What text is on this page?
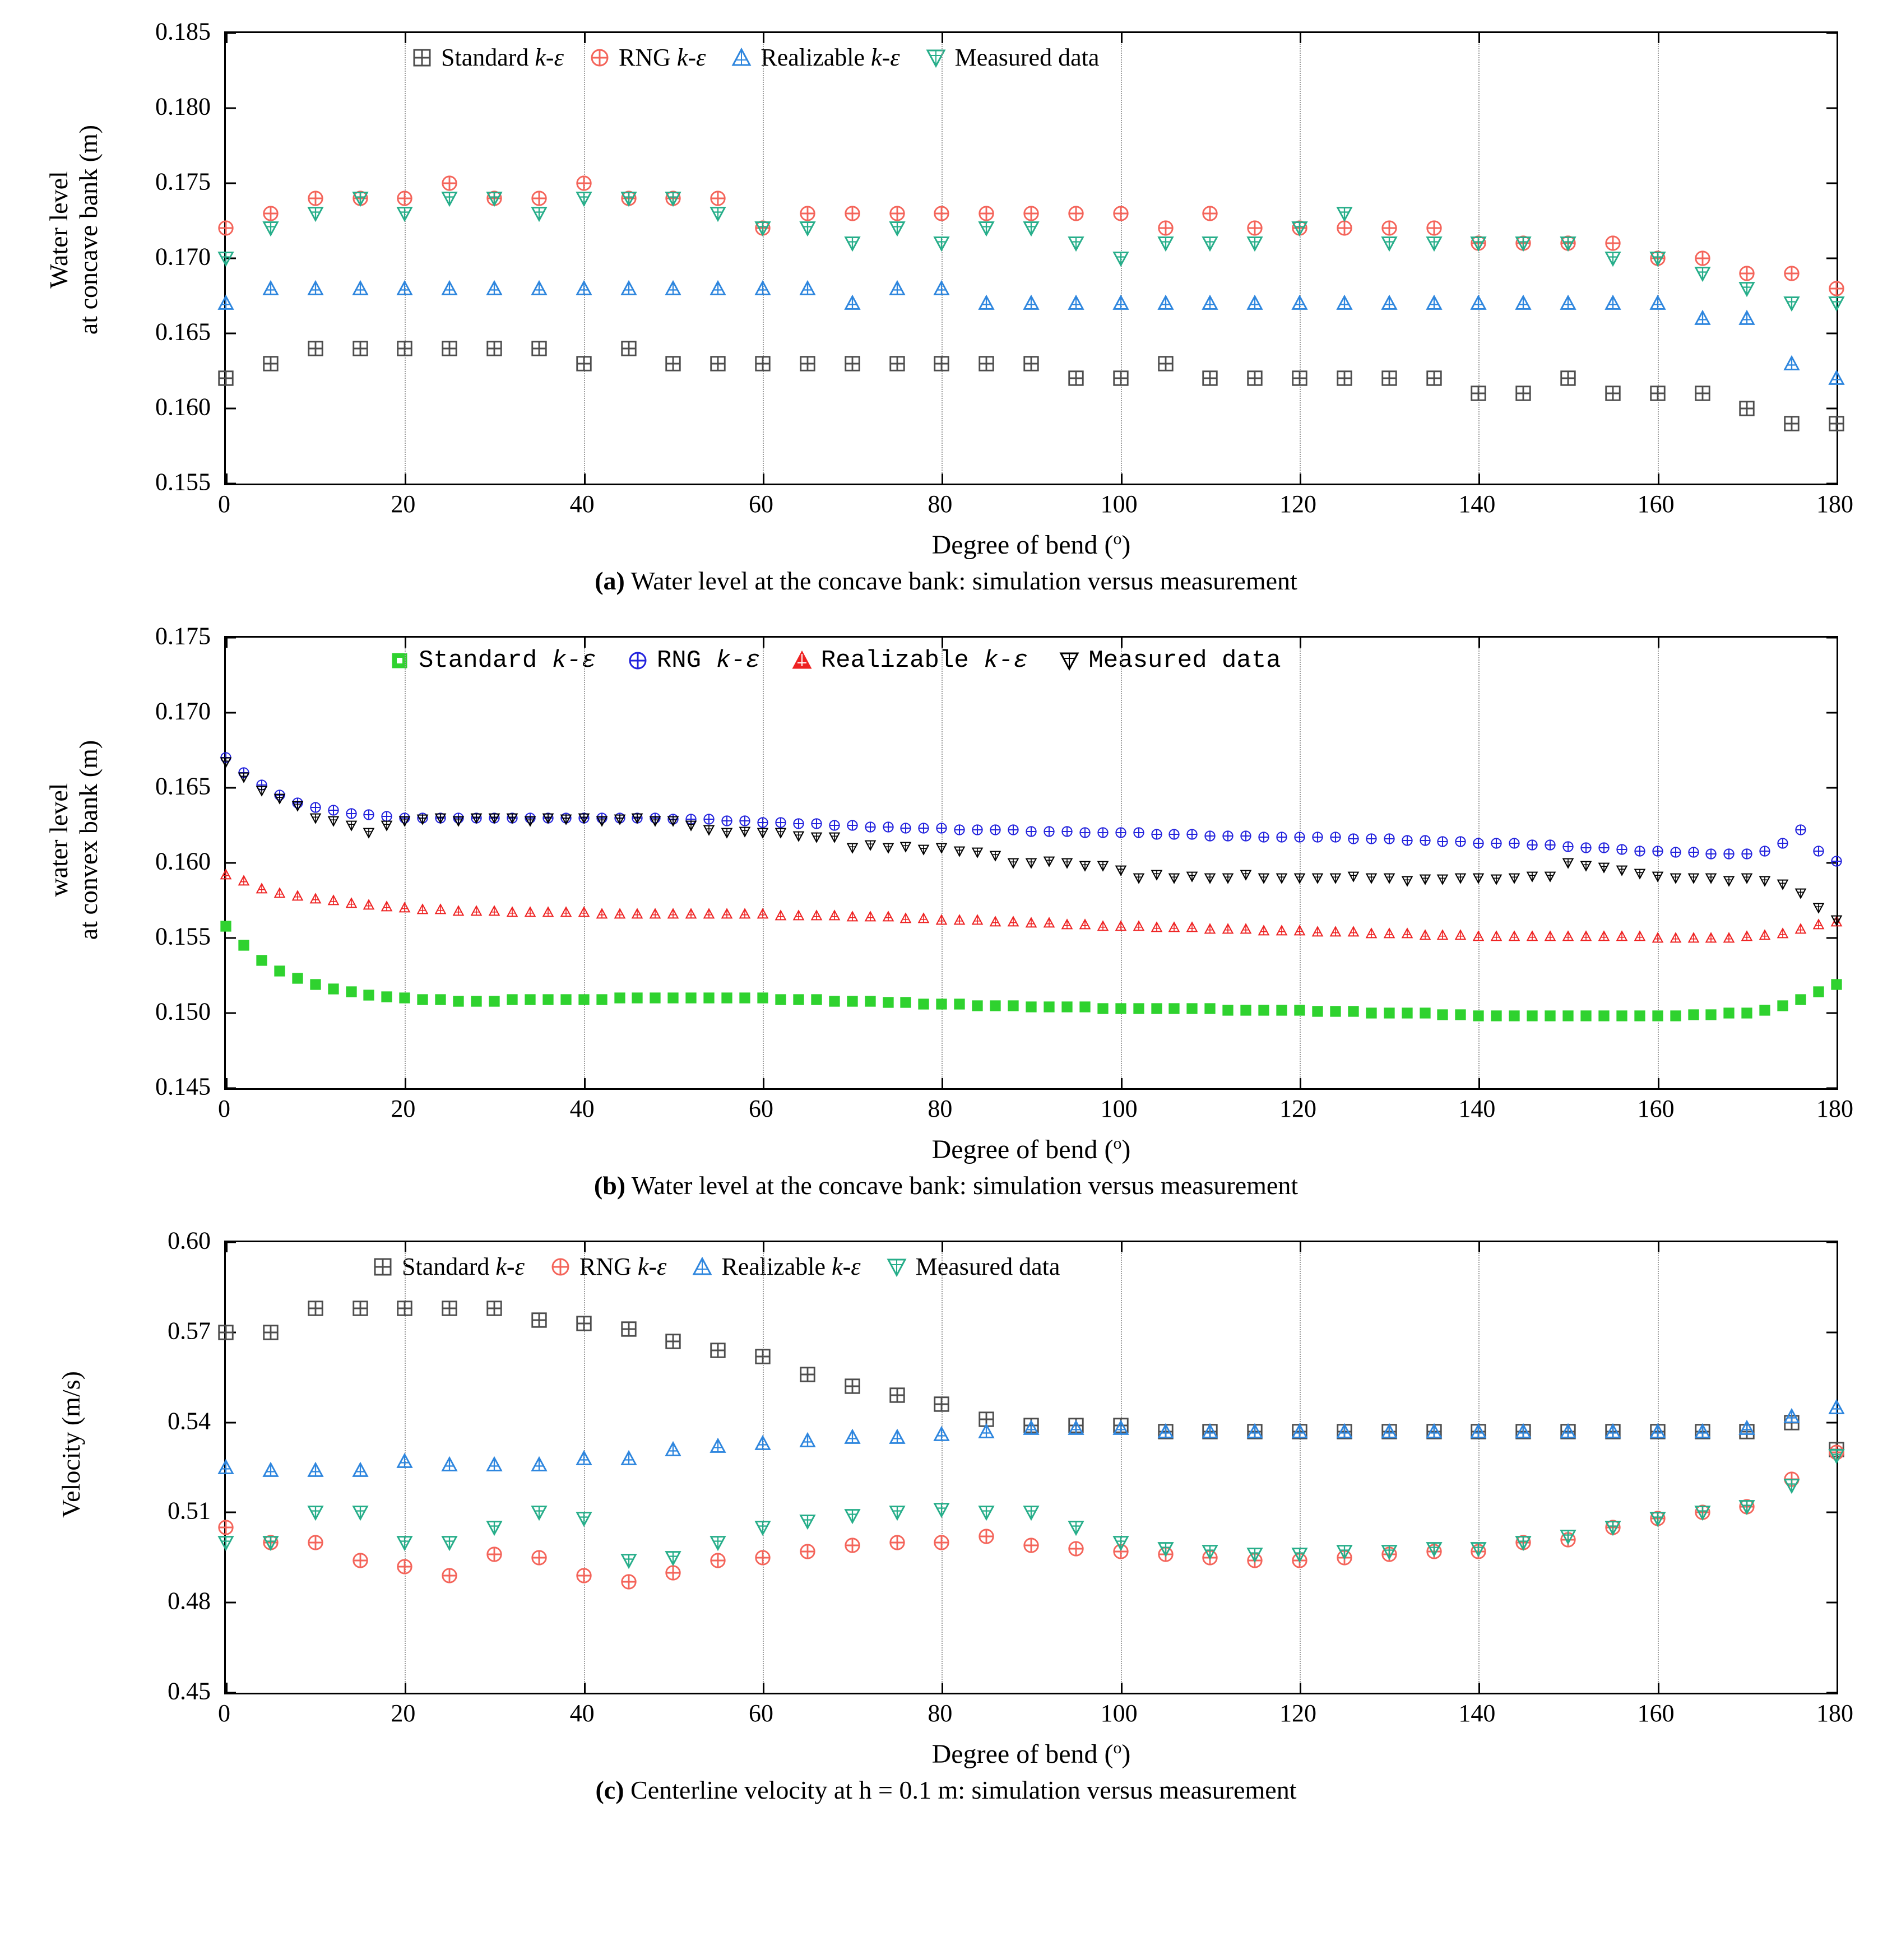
Water level
at concave bank (m)
Standard k-ε RNG k-ε Realizable k-ε Measured data
Degree of bend ($^o$)
0.155
0.160
0.165
0.170
0.175
0.180
0.185
0	20	40	60	80	100	120	140	160	180
(a) Water level at the concave bank: simulation versus measurement
water level
at convex bank (m)
Standard k-ε RNG k-ε Realizable k-ε Measured data
Degree of bend ($^o$)
0.145
0.150
0.155
0.160
0.165
0.170
0.175
0	20	40	60	80	100	120	140	160	180
(b) Water level at the concave bank: simulation versus measurement
Velocity (m/s)
Standard k-ε RNG k-ε Realizable k-ε Measured data
Degree of bend ($^o$)
0.45
0.48
0.51
0.54
0.57
0.60
0	20	40	60	80	100	120	140	160	180
(c) Centerline velocity at h = 0.1 m: simulation versus measurement
